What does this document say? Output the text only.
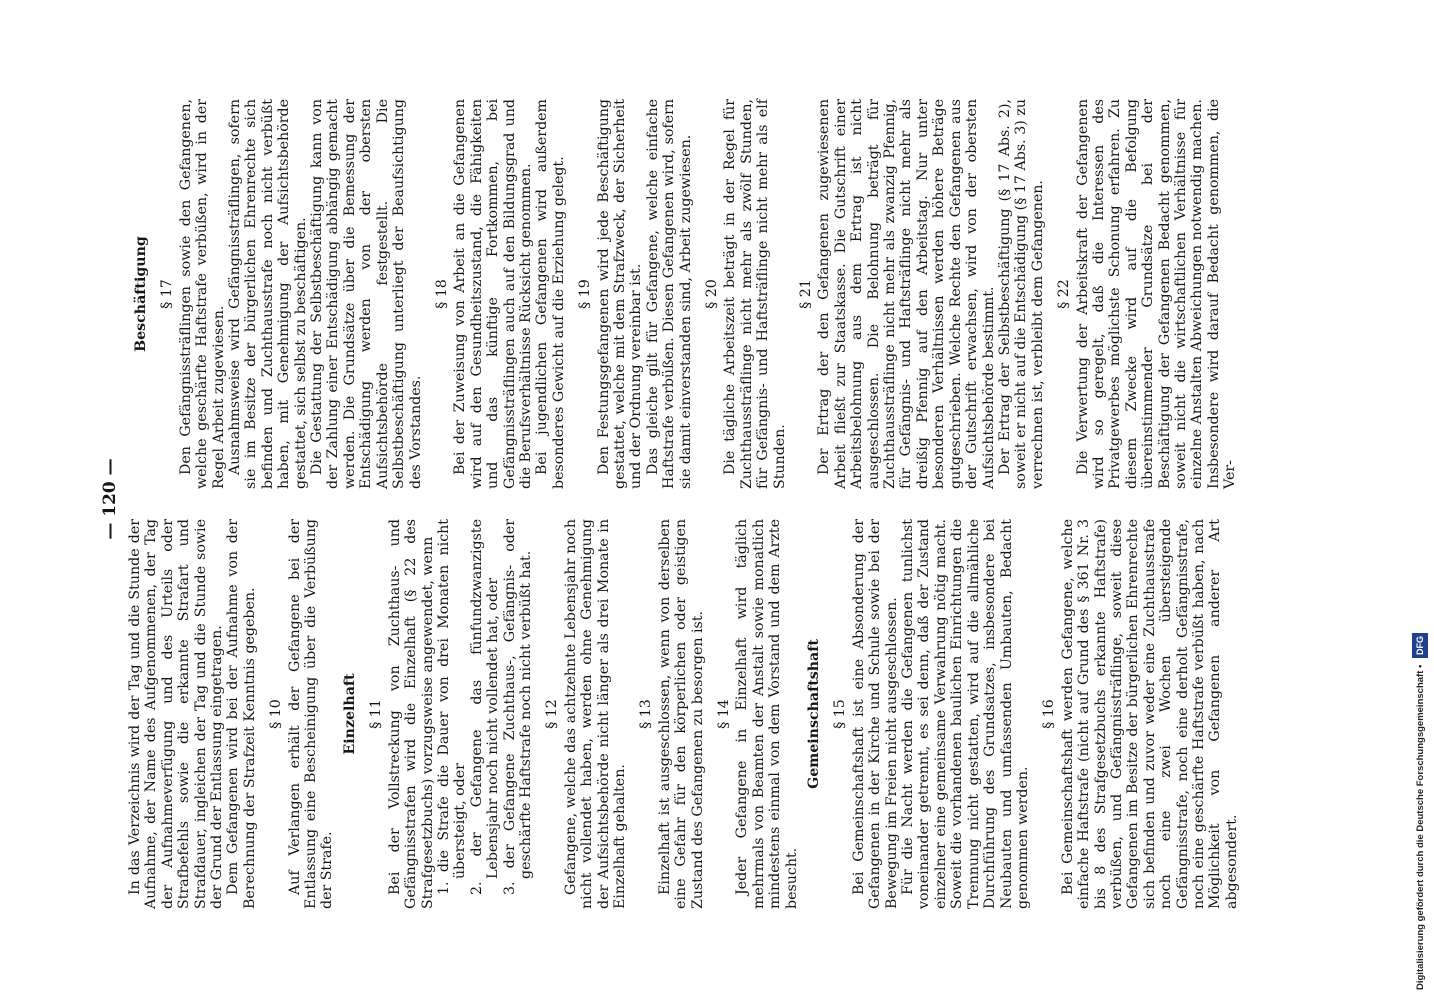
— 120 —
In das Verzeichnis wird der Tag und die Stunde der Aufnahme, der Name des Aufgenommenen, der Tag der Aufnahmeverfügung und des Urteils oder Strafbefehls sowie die erkannte Strafart und Strafdauer, ingleichen der Tag und die Stunde sowie der Grund der Entlassung eingetragen. Dem Gefangenen wird bei der Aufnahme von der Berechnung der Strafzeit Kenntnis gegeben. § 10 Auf Verlangen erhält der Gefangene bei der Entlassung eine Bescheinigung über die Verbüßung der Strafe.
Einzelhaft § 11 Bei der Vollstreckung von Zuchthaus- und Gefängnisstrafen wird die Einzelhaft (§ 22 des Strafgesetzbuchs) vorzugsweise angewendet, wenn 1. die Strafe die Dauer von drei Monaten nicht übersteigt, oder 2. der Gefangene das fünfundzwanzigste Lebensjahr noch nicht vollendet hat, oder 3. der Gefangene Zuchthaus-, Gefängnis- oder geschärfte Haftstrafe noch nicht verbüßt hat. § 12 Gefangene, welche das achtzehnte Lebensjahr noch nicht vollendet haben, werden ohne Genehmigung der Aufsichtsbehörde nicht länger als drei Monate in Einzelhaft gehalten.
§ 13 Einzelhaft ist ausgeschlossen, wenn von derselben eine Gefahr für den körperlichen oder geistigen Zustand des Gefangenen zu besorgen ist. § 14 Jeder Gefangene in Einzelhaft wird täglich mehrmals von Beamten der Anstalt sowie monatlich mindestens einmal von dem Vorstand und dem Arzte besucht.
Gemeinschaftshaft § 15 Bei Gemeinschaftshaft ist eine Absonderung der Gefangenen in der Kirche und Schule sowie bei der Bewegung im Freien nicht ausgeschlossen. Für die Nacht werden die Gefangenen tunlichst voneinander getrennt, es sei denn, daß der Zustand einzelner eine gemeinsame Verwahrung nötig macht. Soweit die vorhandenen baulichen Einrichtungen die Trennung nicht gestatten, wird auf die allmähliche Durchführung des Grundsatzes, insbesondere bei Neubauten und umfassenden Umbauten, Bedacht genommen werden.
§ 16 Bei Gemeinschaftshaft werden Gefangene, welche einfache Haftstrafe (nicht auf Grund des § 361 Nr. 3 bis 8 des Strafgesetzbuchs erkannte Haftstrafe) verbüßen, und Gefängnissträflinge, soweit diese Gefangenen im Besitze der bürgerlichen Ehrenrechte sich befinden und zuvor weder eine Zuchthausstrafe noch eine zwei Wochen übersteigende Gefängnisstrafe, noch eine derholt Gefängnisstrafe, noch eine geschärfte Haftstrafe verbüßt haben, nach Möglichkeit von Gefangenen anderer Art abgesondert.
Beschäftigung § 17 Den Gefängnissträflingen sowie den Gefangenen, welche geschärfte Haftstrafe verbüßen, wird in der Regel Arbeit zugewiesen. Ausnahmsweise wird Gefängnissträflingen, sofern sie im Besitze der bürgerlichen Ehrenrechte sich befinden und Zuchthausstrafe noch nicht verbüßt haben, mit Genehmigung der Aufsichtsbehörde gestattet, sich selbst zu beschäftigen. Die Gestattung der Selbstbeschäftigung kann von der Zahlung einer Entschädigung abhängig gemacht werden. Die Grundsätze über die Bemessung der Entschädigung werden von der obersten Aufsichtsbehörde festgestellt. Die Selbstbeschäftigung unterliegt der Beaufsichtigung des Vorstandes.
§ 18 Bei der Zuweisung von Arbeit an die Gefangenen wird auf den Gesundheitszustand, die Fähigkeiten und das künftige Fortkommen, bei Gefängnissträflingen auch auf den Bildungsgrad und die Berufsverhältnisse Rücksicht genommen. Bei jugendlichen Gefangenen wird außerdem besonderes Gewicht auf die Erziehung gelegt. § 19 Den Festungsgefangenen wird jede Beschäftigung gestattet, welche mit dem Strafzweck, der Sicherheit und der Ordnung vereinbar ist. Das gleiche gilt für Gefangene, welche einfache Haftstrafe verbüßen. Diesen Gefangenen wird, sofern sie damit einverstanden sind, Arbeit zugewiesen. § 20 Die tägliche Arbeitszeit beträgt in der Regel für Zuchthaussträflinge nicht mehr als zwölf Stunden, für Gefängnis- und Haftsträflinge nicht mehr als elf Stunden.
§ 21 Der Ertrag der den Gefangenen zugewiesenen Arbeit fließt zur Staatskasse. Die Gutschrift einer Arbeitsbelohnung aus dem Ertrag ist nicht ausgeschlossen. Die Belohnung beträgt für Zuchthaussträflinge nicht mehr als zwanzig Pfennig, für Gefängnis- und Haftsträflinge nicht mehr als dreißig Pfennig auf den Arbeitstag. Nur unter besonderen Verhältnissen werden höhere Beträge gutgeschrieben. Welche Rechte den Gefangenen aus der Gutschrift erwachsen, wird von der obersten Aufsichtsbehörde bestimmt. Der Ertrag der Selbstbeschäftigung (§ 17 Abs. 2), soweit er nicht auf die Entschädigung (§ 17 Abs. 3) zu verrechnen ist, verbleibt dem Gefangenen. § 22 Die Verwertung der Arbeitskraft der Gefangenen wird so geregelt, daß die Interessen des Privatgewerbes möglichste Schonung erfahren. Zu diesem Zwecke wird auf die Befolgung übereinstimmender Grundsätze bei der Beschäftigung der Gefangenen Bedacht genommen, soweit nicht die wirtschaftlichen Verhältnisse für einzelne Anstalten Abweichungen notwendig machen. Insbesondere wird darauf Bedacht genommen, die Ver-
Digitalisierung gefördert durch die Deutsche Forschungsgemeinschaft • DFG
